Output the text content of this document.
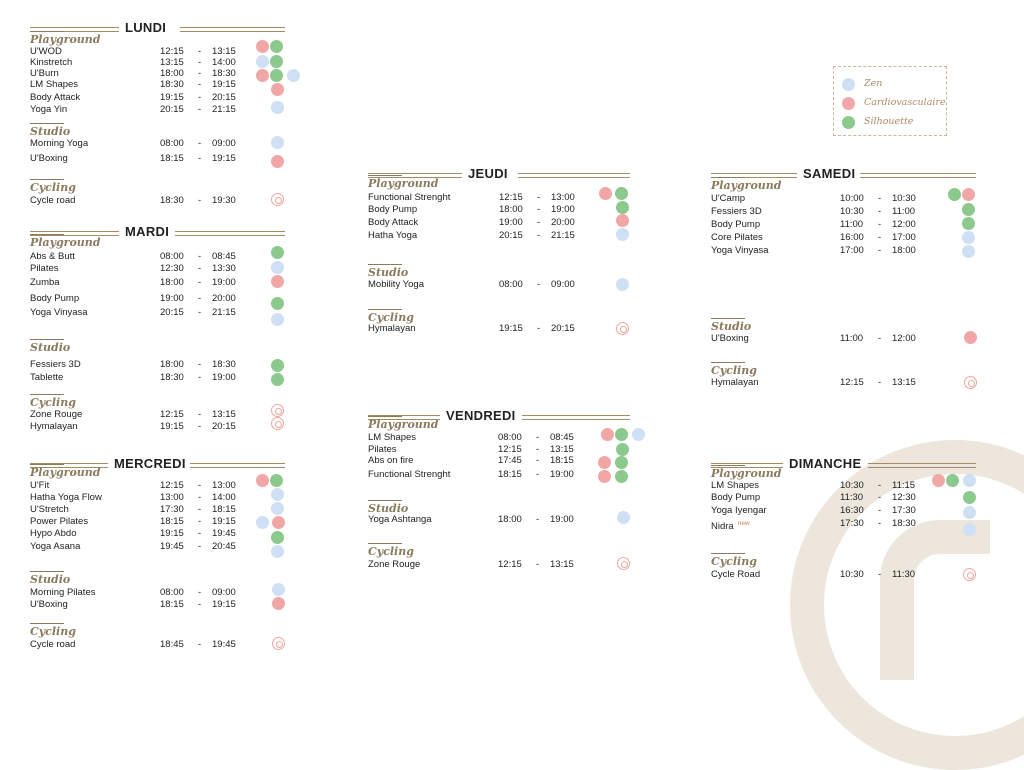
LUNDI
Playground
U'WOD	12:15 - 13:15
Kinstretch	13:15 - 14:00
U'Burn	18:00 - 18:30
LM Shapes	18:30 - 19:15
Body Attack	19:15 - 20:15
Yoga Yin	20:15 - 21:15
Studio
Morning Yoga	08:00 - 09:00
U'Boxing	18:15 - 19:15
Cycling
Cycle road	18:30 - 19:30
MARDI
Playground
Abs & Butt	08:00 - 08:45
Pilates	12:30 - 13:30
Zumba	18:00 - 19:00
Body Pump	19:00 - 20:00
Yoga Vinyasa	20:15 - 21:15
Studio
Fessiers 3D	18:00 - 18:30
Tablette	18:30 - 19:00
Cycling
Zone Rouge	12:15 - 13:15
Hymalayan	19:15 - 20:15
MERCREDI
Playground
U'Fit	12:15 - 13:00
Hatha Yoga Flow	13:00 - 14:00
U'Stretch	17:30 - 18:15
Power Pilates	18:15 - 19:15
Hypo Abdo	19:15 - 19:45
Yoga Asana	19:45 - 20:45
Studio
Morning Pilates	08:00 - 09:00
U'Boxing	18:15 - 19:15
Cycling
Cycle road	18:45 - 19:45
JEUDI
Playground
Functional Strenght	12:15 - 13:00
Body Pump	18:00 - 19:00
Body Attack	19:00 - 20:00
Hatha Yoga	20:15 - 21:15
Studio
Mobility Yoga	08:00 - 09:00
Cycling
Hymalayan	19:15 - 20:15
VENDREDI
Playground
LM Shapes	08:00 - 08:45
Pilates	12:15 - 13:15
Abs on fire	17:45 - 18:15
Functional Strenght	18:15 - 19:00
Studio
Yoga Ashtanga	18:00 - 19:00
Cycling
Zone Rouge	12:15 - 13:15
SAMEDI
Playground
U'Camp	10:00 - 10:30
Fessiers 3D	10:30 - 11:00
Body Pump	11:00 - 12:00
Core Pilates	16:00 - 17:00
Yoga Vinyasa	17:00 - 18:00
Studio
U'Boxing	11:00 - 12:00
Cycling
Hymalayan	12:15 - 13:15
DIMANCHE
Playground
LM Shapes	10:30 - 11:15
Body Pump	11:30 - 12:30
Yoga Iyengar	16:30 - 17:30
Nidra $^{new}$	17:30 - 18:30
Cycling
Cycle Road	10:30 - 11:30
Zen
Cardiovasculaire
Silhouette
